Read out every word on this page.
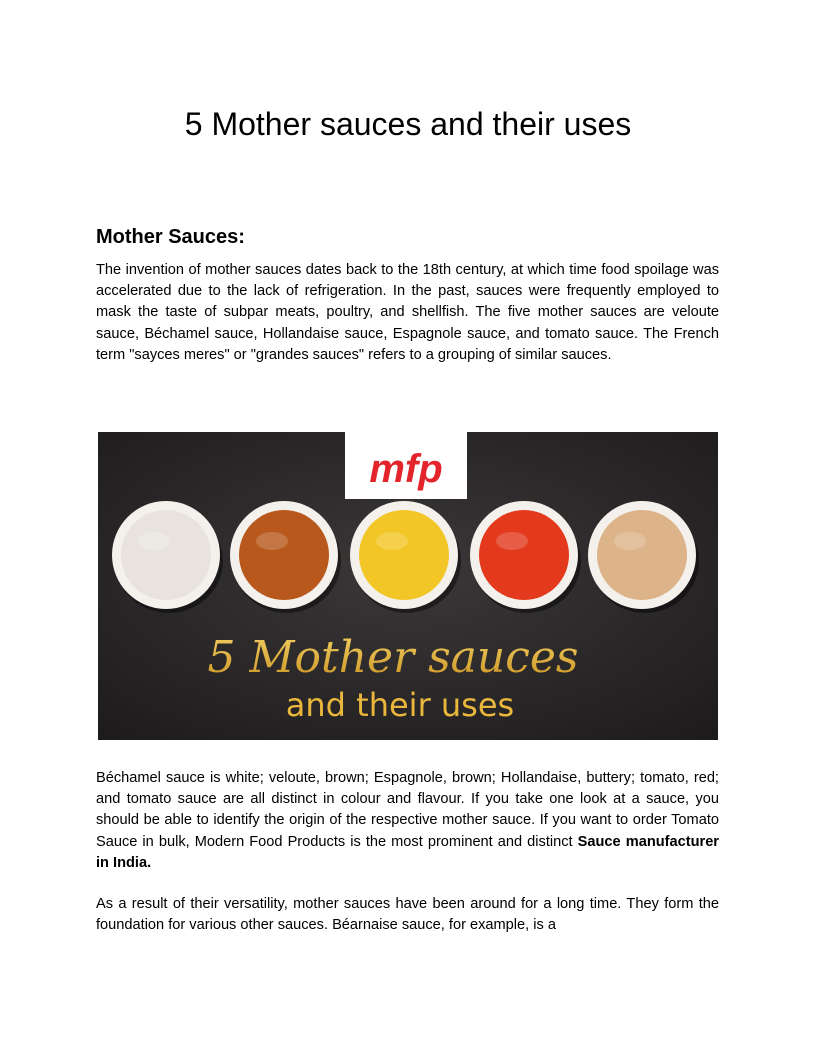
5 Mother sauces and their uses
Mother Sauces:

The invention of mother sauces dates back to the 18th century, at which time food spoilage was accelerated due to the lack of refrigeration. In the past, sauces were frequently employed to mask the taste of subpar meats, poultry, and shellfish. The five mother sauces are veloute sauce, Béchamel sauce, Hollandaise sauce, Espagnole sauce, and tomato sauce. The French term "sayces meres" or "grandes sauces" refers to a grouping of similar sauces.

mfp
5 Mother sauces
and their uses

Béchamel sauce is white; veloute, brown; Espagnole, brown; Hollandaise, buttery; tomato, red; and tomato sauce are all distinct in colour and flavour. If you take one look at a sauce, you should be able to identify the origin of the respective mother sauce. If you want to order Tomato Sauce in bulk, Modern Food Products is the most prominent and distinct Sauce manufacturer in India.

As a result of their versatility, mother sauces have been around for a long time. They form the foundation for various other sauces. Béarnaise sauce, for example, is a
